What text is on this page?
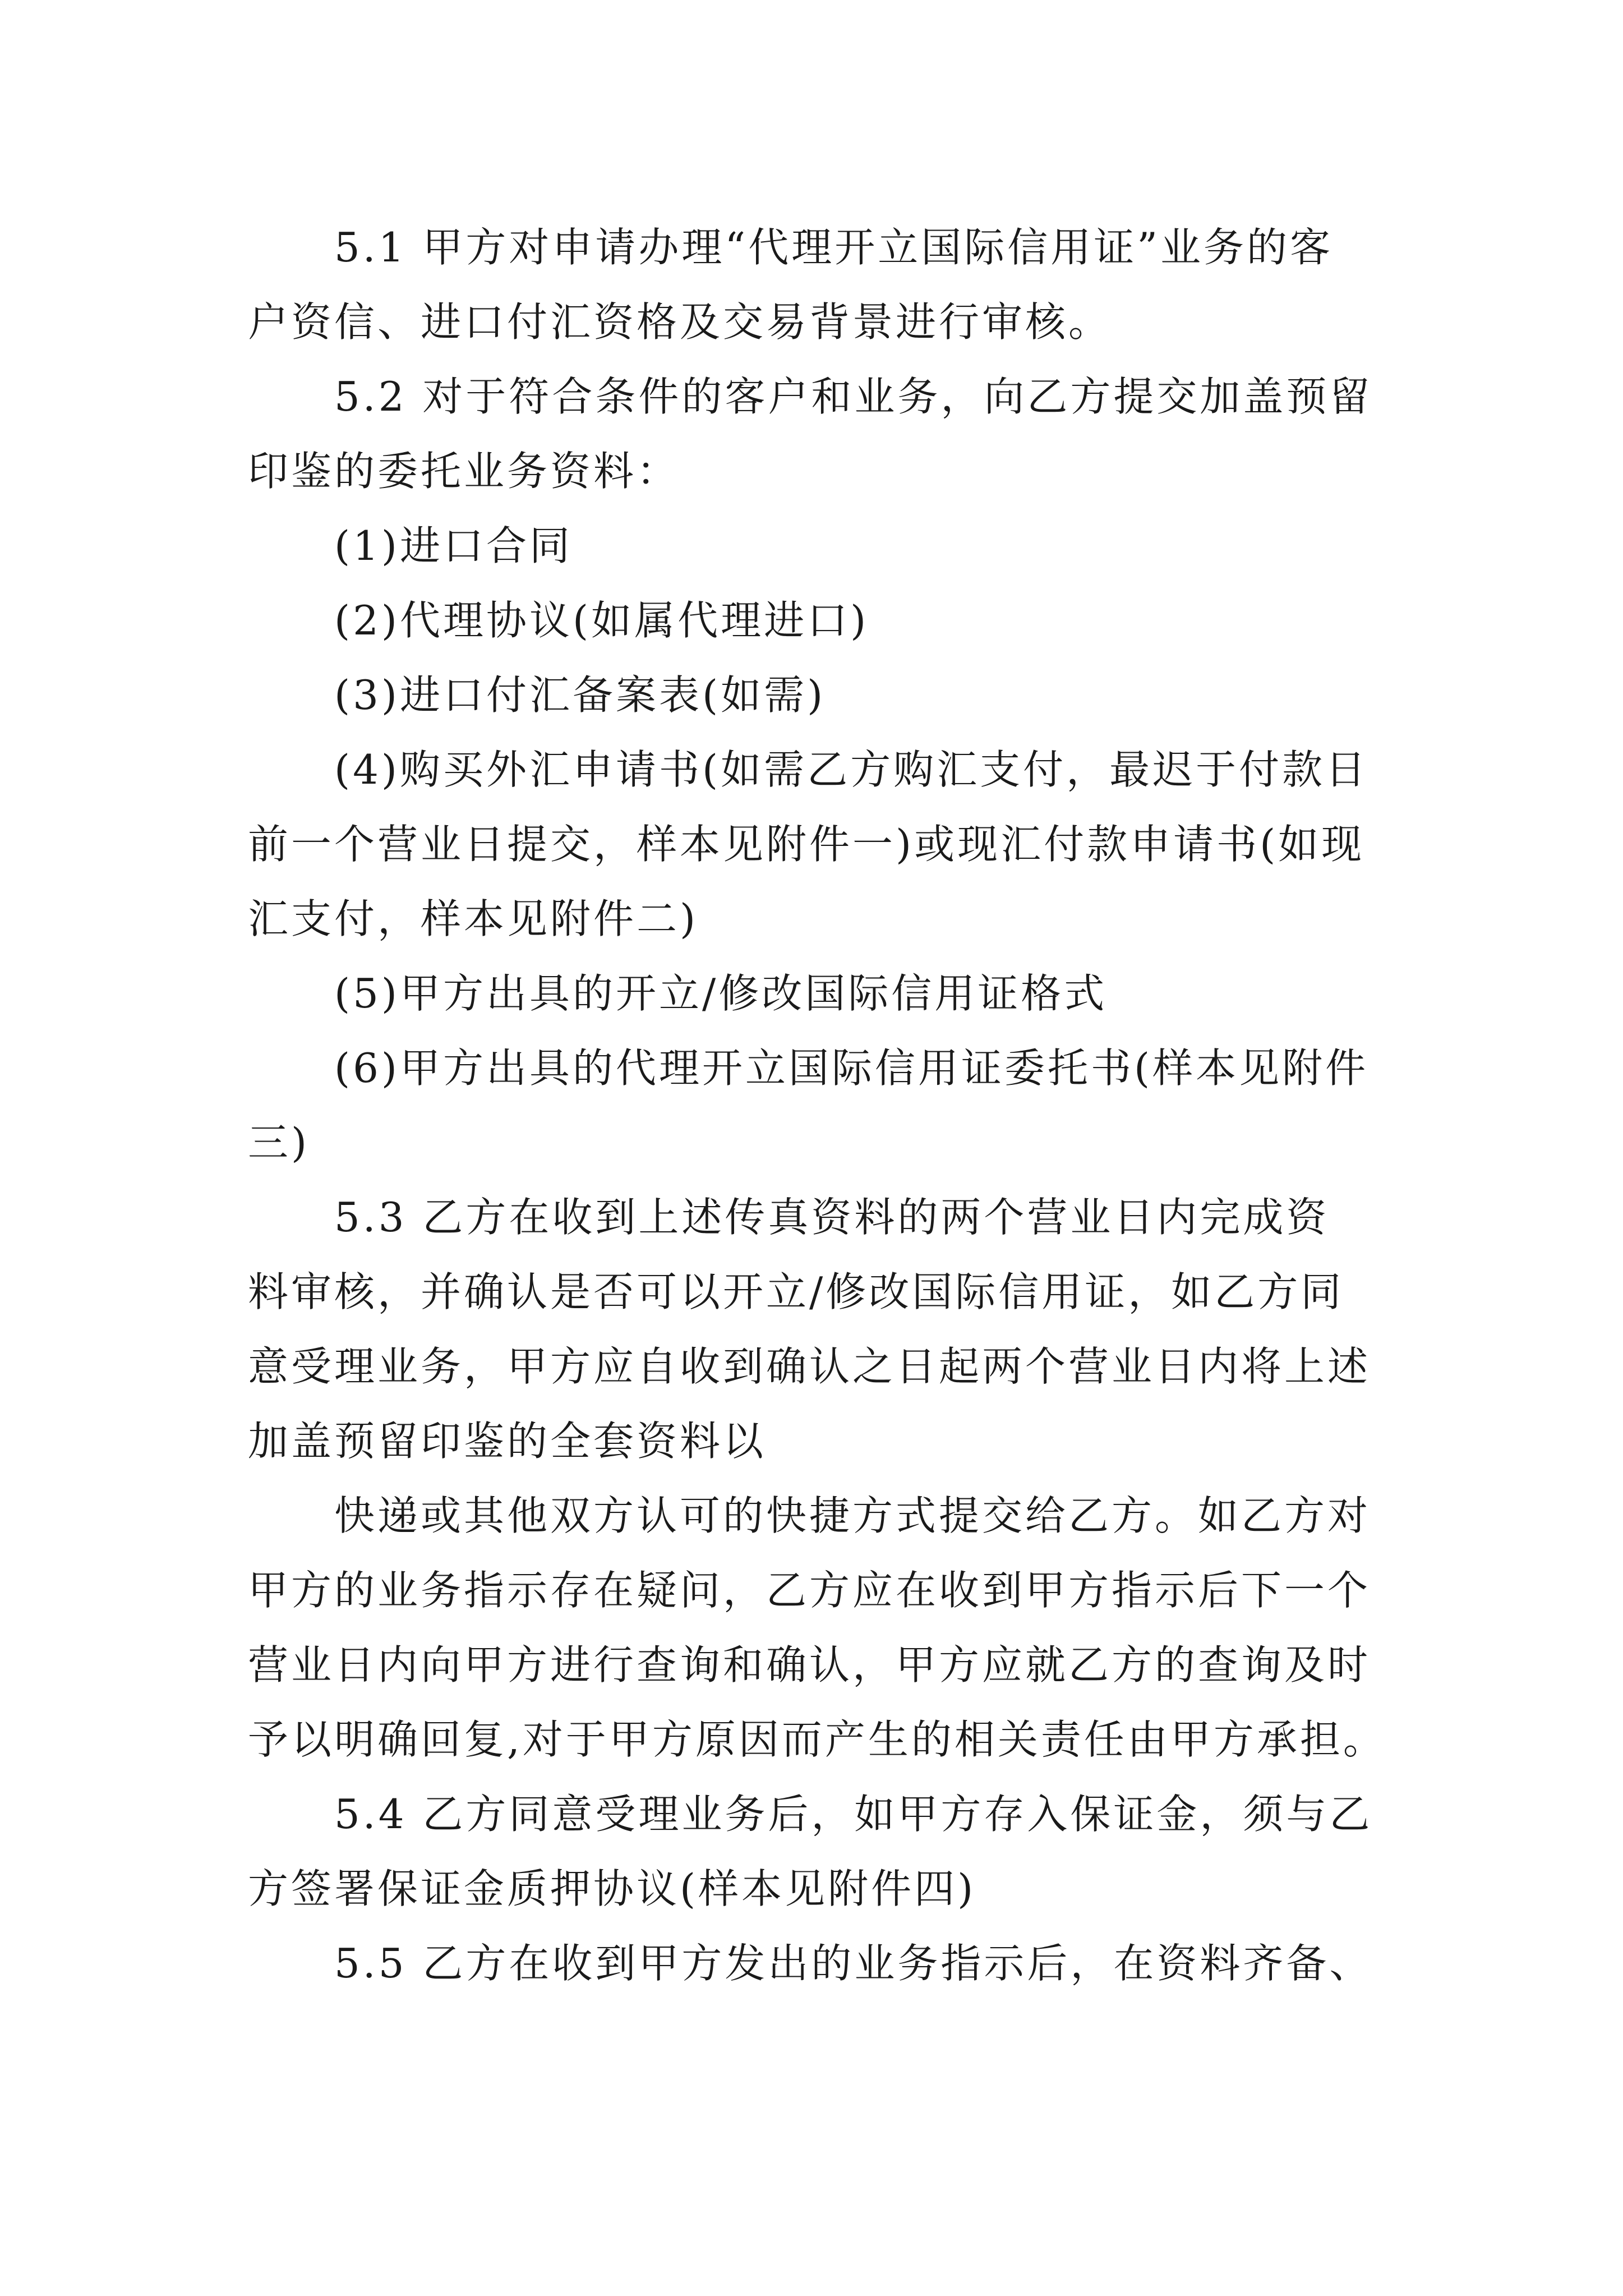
5.1 甲方对申请办理“代理开立国际信用证”业务的客
户资信、进口付汇资格及交易背景进行审核。
5.2 对于符合条件的客户和业务，向乙方提交加盖预留
印鉴的委托业务资料：
(1)进口合同
(2)代理协议(如属代理进口)
(3)进口付汇备案表(如需)
(4)购买外汇申请书(如需乙方购汇支付，最迟于付款日
前一个营业日提交，样本见附件一)或现汇付款申请书(如现
汇支付，样本见附件二)
(5)甲方出具的开立/修改国际信用证格式
(6)甲方出具的代理开立国际信用证委托书(样本见附件
三)
5.3 乙方在收到上述传真资料的两个营业日内完成资
料审核，并确认是否可以开立/修改国际信用证，如乙方同
意受理业务，甲方应自收到确认之日起两个营业日内将上述
加盖预留印鉴的全套资料以
快递或其他双方认可的快捷方式提交给乙方。如乙方对
甲方的业务指示存在疑问，乙方应在收到甲方指示后下一个
营业日内向甲方进行查询和确认，甲方应就乙方的查询及时
予以明确回复,对于甲方原因而产生的相关责任由甲方承担。
5.4 乙方同意受理业务后，如甲方存入保证金，须与乙
方签署保证金质押协议(样本见附件四)
5.5 乙方在收到甲方发出的业务指示后，在资料齐备、
